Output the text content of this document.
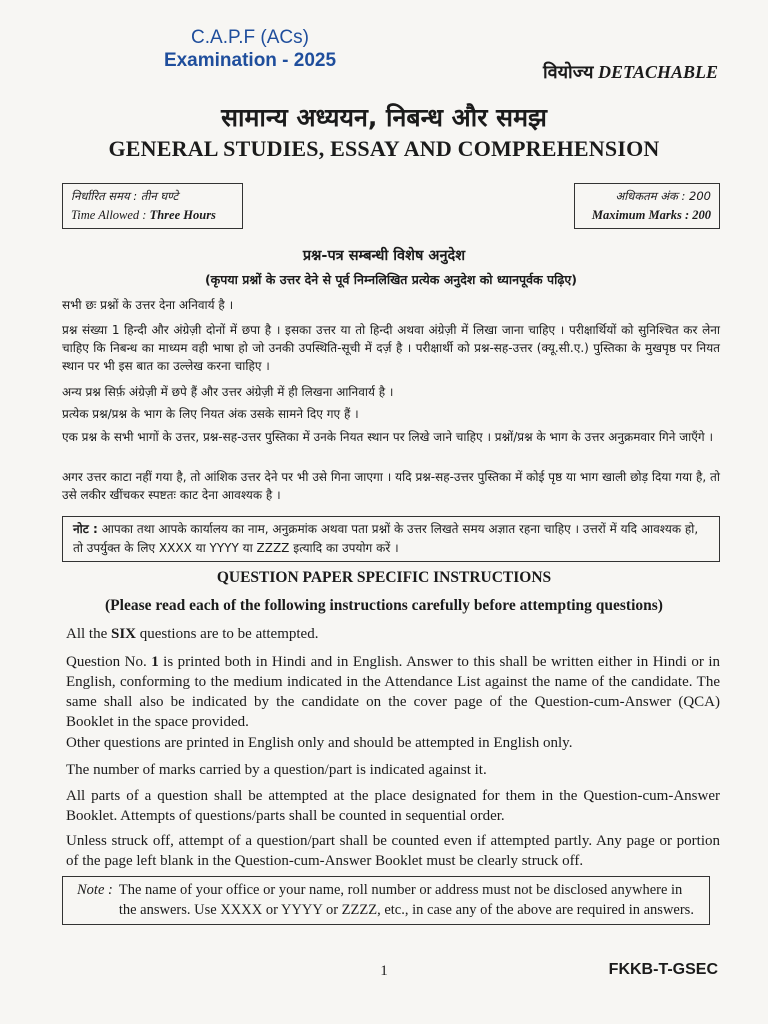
C.A.P.F (ACs)
Examination - 2025
वियोज्य DETACHABLE
सामान्य अध्ययन, निबन्ध और समझ
GENERAL STUDIES, ESSAY AND COMPREHENSION
निर्धारित समय : तीन घण्टे
Time Allowed : Three Hours
अधिकतम अंक : 200
Maximum Marks : 200
प्रश्न-पत्र सम्बन्धी विशेष अनुदेश
(कृपया प्रश्नों के उत्तर देने से पूर्व निम्नलिखित प्रत्येक अनुदेश को ध्यानपूर्वक पढ़िए)
सभी छः प्रश्नों के उत्तर देना अनिवार्य है ।
प्रश्न संख्या 1 हिन्दी और अंग्रेज़ी दोनों में छपा है । इसका उत्तर या तो हिन्दी अथवा अंग्रेज़ी में लिखा जाना चाहिए । परीक्षार्थियों को सुनिश्चित कर लेना चाहिए कि निबन्ध का माध्यम वही भाषा हो जो उनकी उपस्थिति-सूची में दर्ज़ है । परीक्षार्थी को प्रश्न-सह-उत्तर (क्यू.सी.ए.) पुस्तिका के मुखपृष्ठ पर नियत स्थान पर भी इस बात का उल्लेख करना चाहिए ।
अन्य प्रश्न सिर्फ़ अंग्रेज़ी में छपे हैं और उत्तर अंग्रेज़ी में ही लिखना आनिवार्य है ।
प्रत्येक प्रश्न/प्रश्न के भाग के लिए नियत अंक उसके सामने दिए गए हैं ।
एक प्रश्न के सभी भागों के उत्तर, प्रश्न-सह-उत्तर पुस्तिका में उनके नियत स्थान पर लिखे जाने चाहिए । प्रश्नों/प्रश्न के भाग के उत्तर अनुक्रमवार गिने जाएँगे ।
अगर उत्तर काटा नहीं गया है, तो आंशिक उत्तर देने पर भी उसे गिना जाएगा । यदि प्रश्न-सह-उत्तर पुस्तिका में कोई पृष्ठ या भाग खाली छोड़ दिया गया है, तो उसे लकीर खींचकर स्पष्टतः काट देना आवश्यक है ।
नोट : आपका तथा आपके कार्यालय का नाम, अनुक्रमांक अथवा पता प्रश्नों के उत्तर लिखते समय अज्ञात रहना चाहिए । उत्तरों में यदि आवश्यक हो, तो उपर्युक्त के लिए XXXX या YYYY या ZZZZ इत्यादि का उपयोग करें ।
QUESTION PAPER SPECIFIC INSTRUCTIONS
(Please read each of the following instructions carefully before attempting questions)
All the SIX questions are to be attempted.
Question No. 1 is printed both in Hindi and in English. Answer to this shall be written either in Hindi or in English, conforming to the medium indicated in the Attendance List against the name of the candidate. The same shall also be indicated by the candidate on the cover page of the Question-cum-Answer (QCA) Booklet in the space provided.
Other questions are printed in English only and should be attempted in English only.
The number of marks carried by a question/part is indicated against it.
All parts of a question shall be attempted at the place designated for them in the Question-cum-Answer Booklet. Attempts of questions/parts shall be counted in sequential order.
Unless struck off, attempt of a question/part shall be counted even if attempted partly. Any page or portion of the page left blank in the Question-cum-Answer Booklet must be clearly struck off.
Note : The name of your office or your name, roll number or address must not be disclosed anywhere in the answers. Use XXXX or YYYY or ZZZZ, etc., in case any of the above are required in answers.
1	FKKB-T-GSEC
